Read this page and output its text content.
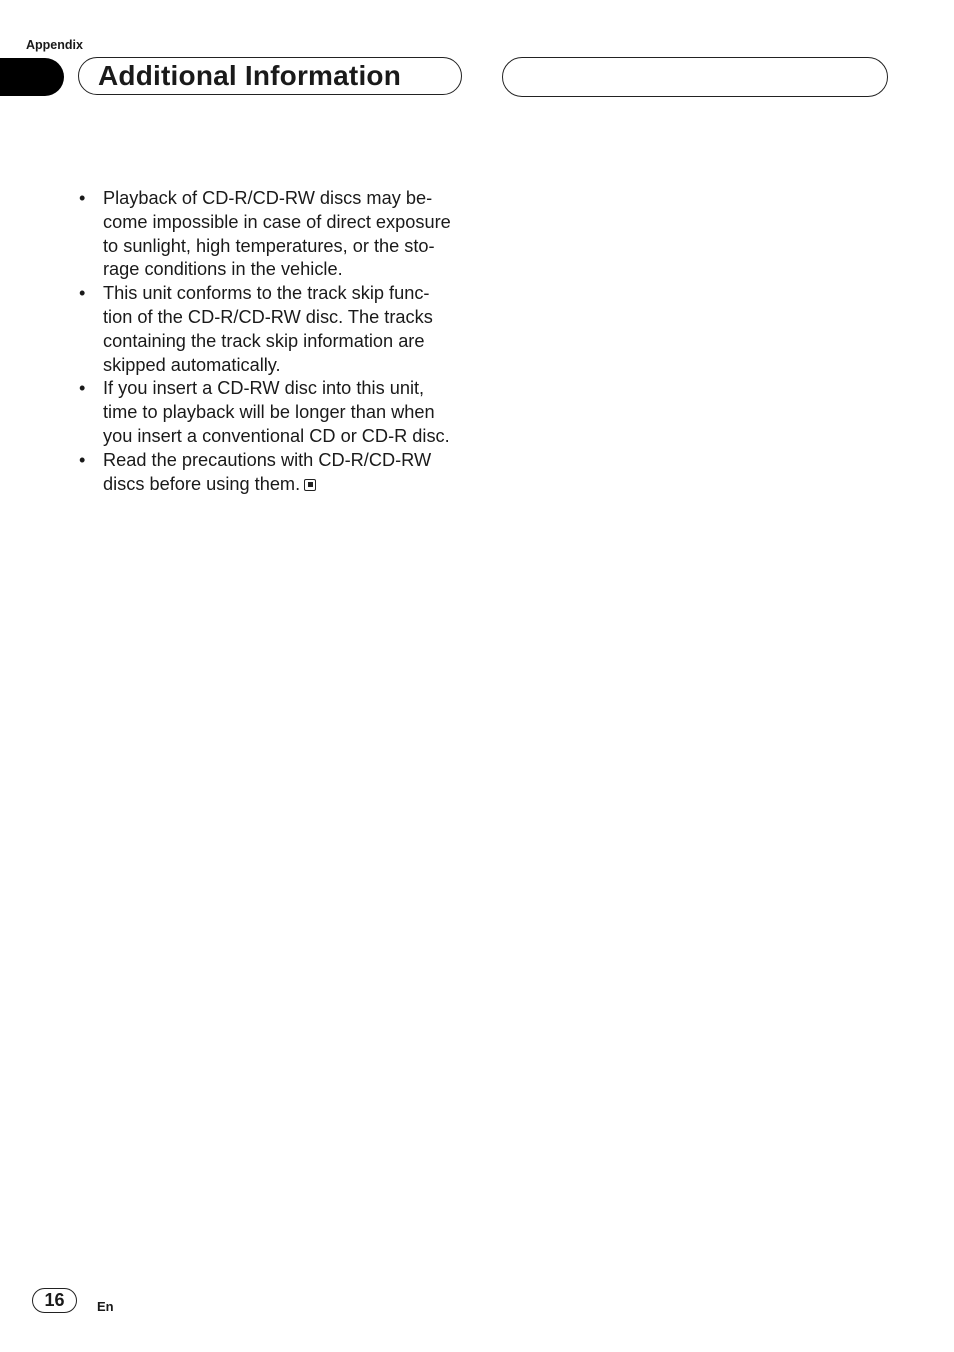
Appendix
Additional Information
• Playback of CD-R/CD-RW discs may be-
come impossible in case of direct exposure
to sunlight, high temperatures, or the sto-
rage conditions in the vehicle.
• This unit conforms to the track skip func-
tion of the CD-R/CD-RW disc. The tracks
containing the track skip information are
skipped automatically.
• If you insert a CD-RW disc into this unit,
time to playback will be longer than when
you insert a conventional CD or CD-R disc.
• Read the precautions with CD-R/CD-RW
discs before using them.
16	En
